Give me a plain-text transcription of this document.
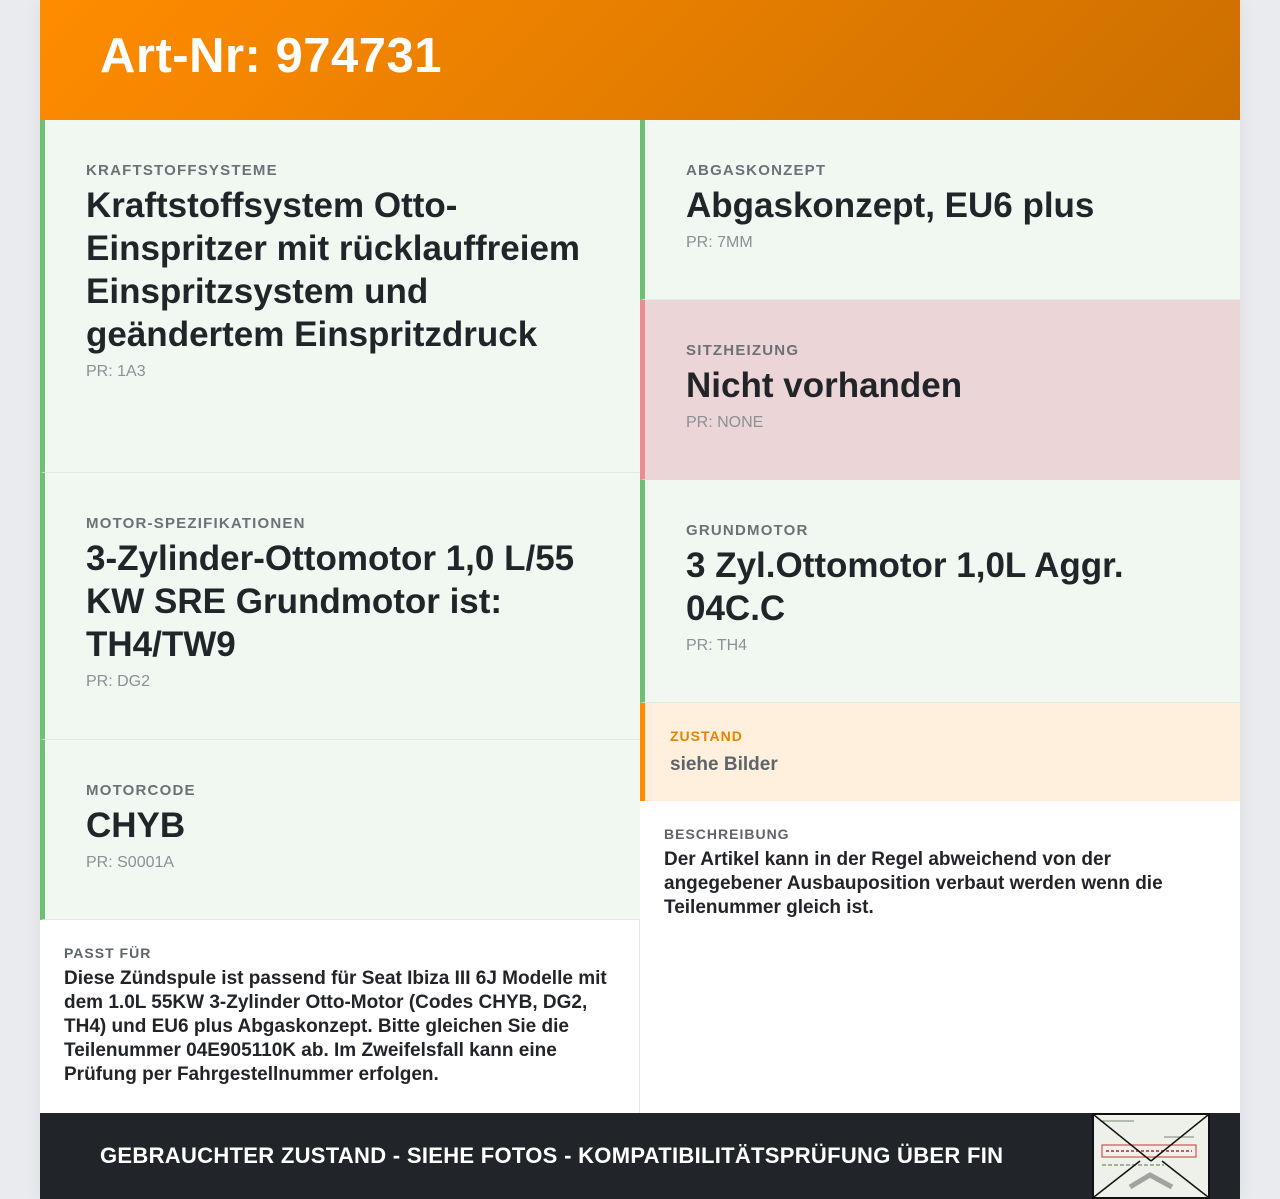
Art-Nr: 974731
KRAFTSTOFFSYSTEME
Kraftstoffsystem Otto-Einspritzer mit rücklauffreiem Einspritzsystem und geändertem Einspritzdruck
PR: 1A3
MOTOR-SPEZIFIKATIONEN
3-Zylinder-Ottomotor 1,0 L/55 KW SRE Grundmotor ist: TH4/TW9
PR: DG2
MOTORCODE
CHYB
PR: S0001A
PASST FÜR
Diese Zündspule ist passend für Seat Ibiza III 6J Modelle mit dem 1.0L 55KW 3-Zylinder Otto-Motor (Codes CHYB, DG2, TH4) und EU6 plus Abgaskonzept. Bitte gleichen Sie die Teilenummer 04E905110K ab. Im Zweifelsfall kann eine Prüfung per Fahrgestellnummer erfolgen.
ABGASKONZEPT
Abgaskonzept, EU6 plus
PR: 7MM
SITZHEIZUNG
Nicht vorhanden
PR: NONE
GRUNDMOTOR
3 Zyl.Ottomotor 1,0L Aggr. 04C.C
PR: TH4
ZUSTAND
siehe Bilder
BESCHREIBUNG
Der Artikel kann in der Regel abweichend von der angegebener Ausbauposition verbaut werden wenn die Teilenummer gleich ist.
GEBRAUCHTER ZUSTAND - SIEHE FOTOS - KOMPATIBILITÄTSPRÜFUNG ÜBER FIN
